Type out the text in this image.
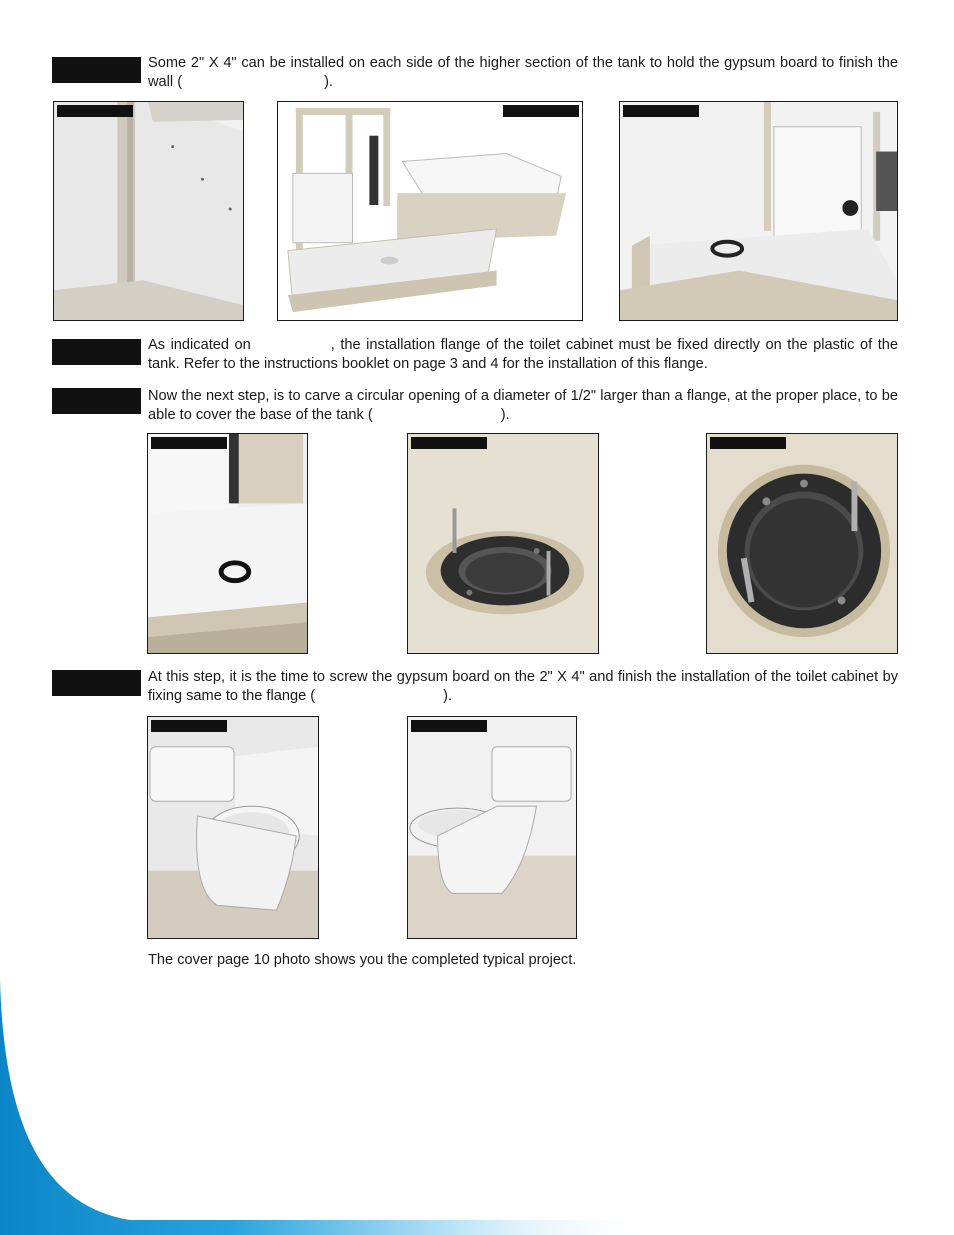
Some 2" X 4" can be installed on each side of the higher section of the tank to hold the gypsum board to finish the wall (	).

As indicated on	, the installation flange of the toilet cabinet must be fixed directly on the plastic of the tank. Refer to the instructions booklet on page 3 and 4 for the installation of this flange.

Now the next step, is to carve a circular opening of a diameter of 1/2" larger than a flange, at the proper place, to be able to cover the base of the tank (	).

At this step, it is the time to screw the gypsum board on the 2" X 4" and finish the installation of the toilet cabinet by fixing same to the flange (	).

The cover page 10 photo shows you the completed typical project.
